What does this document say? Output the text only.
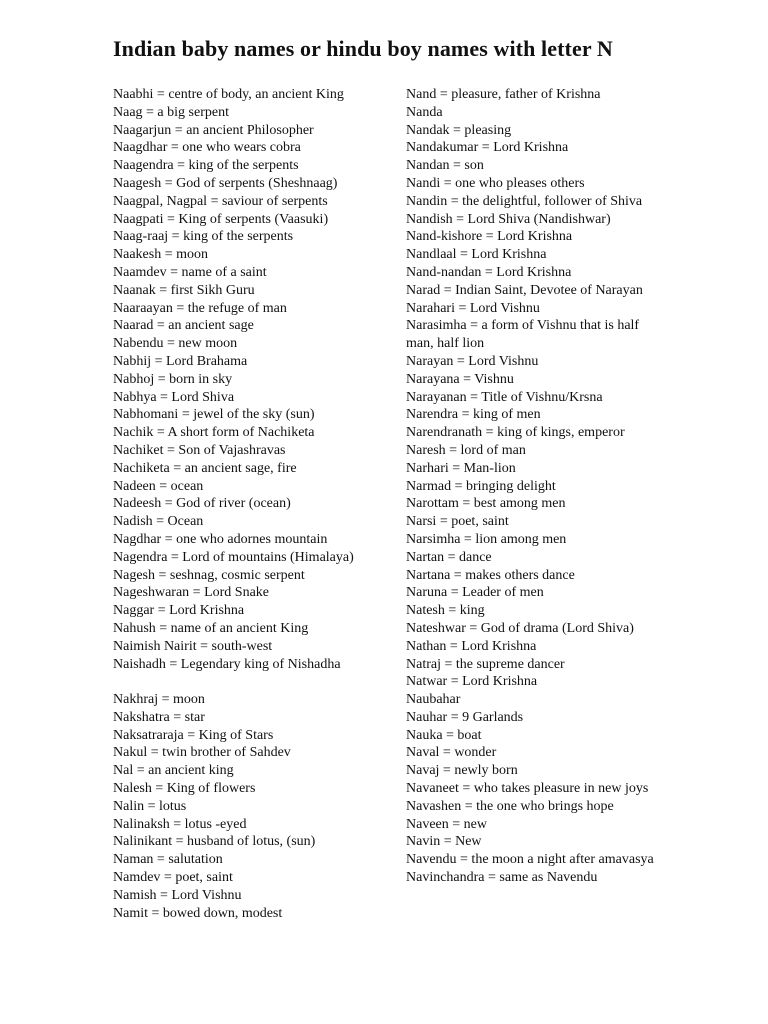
Indian baby names or hindu boy names with letter N

Naabhi = centre of body, an ancient King

Naag = a big serpent

Naagarjun = an ancient Philosopher

Naagdhar = one who wears cobra

Naagendra = king of the serpents

Naagesh = God of serpents (Sheshnaag)

Naagpal, Nagpal = saviour of serpents

Naagpati = King of serpents (Vaasuki)

Naag-raaj = king of the serpents

Naakesh = moon

Naamdev = name of a saint

Naanak = first Sikh Guru

Naaraayan = the refuge of man

Naarad = an ancient sage

Nabendu = new moon

Nabhij = Lord Brahama

Nabhoj = born in sky

Nabhya = Lord Shiva

Nabhomani = jewel of the sky (sun)

Nachik = A short form of Nachiketa

Nachiket = Son of Vajashravas

Nachiketa = an ancient sage, fire

Nadeen = ocean

Nadeesh = God of river (ocean)

Nadish = Ocean

Nagdhar = one who adornes mountain

Nagendra = Lord of mountains (Himalaya)

Nagesh = seshnag, cosmic serpent

Nageshwaran = Lord Snake

Naggar = Lord Krishna

Nahush = name of an ancient King

Naimish Nairit = south-west

Naishadh = Legendary king of Nishadha

Nakhraj = moon

Nakshatra = star

Naksatraraja = King of Stars

Nakul = twin brother of Sahdev

Nal = an ancient king

Nalesh = King of flowers

Nalin = lotus

Nalinaksh = lotus -eyed

Nalinikant = husband of lotus, (sun)

Naman = salutation

Namdev = poet, saint

Namish = Lord Vishnu

Namit = bowed down, modest

Nand = pleasure, father of Krishna

Nanda

Nandak = pleasing

Nandakumar = Lord Krishna

Nandan = son

Nandi = one who pleases others

Nandin = the delightful, follower of Shiva

Nandish = Lord Shiva (Nandishwar)

Nand-kishore = Lord Krishna

Nandlaal = Lord Krishna

Nand-nandan = Lord Krishna

Narad = Indian Saint, Devotee of Narayan

Narahari = Lord Vishnu

Narasimha = a form of Vishnu that is half man, half lion

Narayan = Lord Vishnu

Narayana = Vishnu

Narayanan = Title of Vishnu/Krsna

Narendra = king of men

Narendranath = king of kings, emperor

Naresh = lord of man

Narhari = Man-lion

Narmad = bringing delight

Narottam = best among men

Narsi = poet, saint

Narsimha = lion among men

Nartan = dance

Nartana = makes others dance

Naruna = Leader of men

Natesh = king

Nateshwar = God of drama (Lord Shiva)

Nathan = Lord Krishna

Natraj = the supreme dancer

Natwar = Lord Krishna

Naubahar

Nauhar = 9 Garlands

Nauka = boat

Naval = wonder

Navaj = newly born

Navaneet = who takes pleasure in new joys

Navashen = the one who brings hope

Naveen = new

Navin = New

Navendu = the moon a night after amavasya

Navinchandra = same as Navendu
